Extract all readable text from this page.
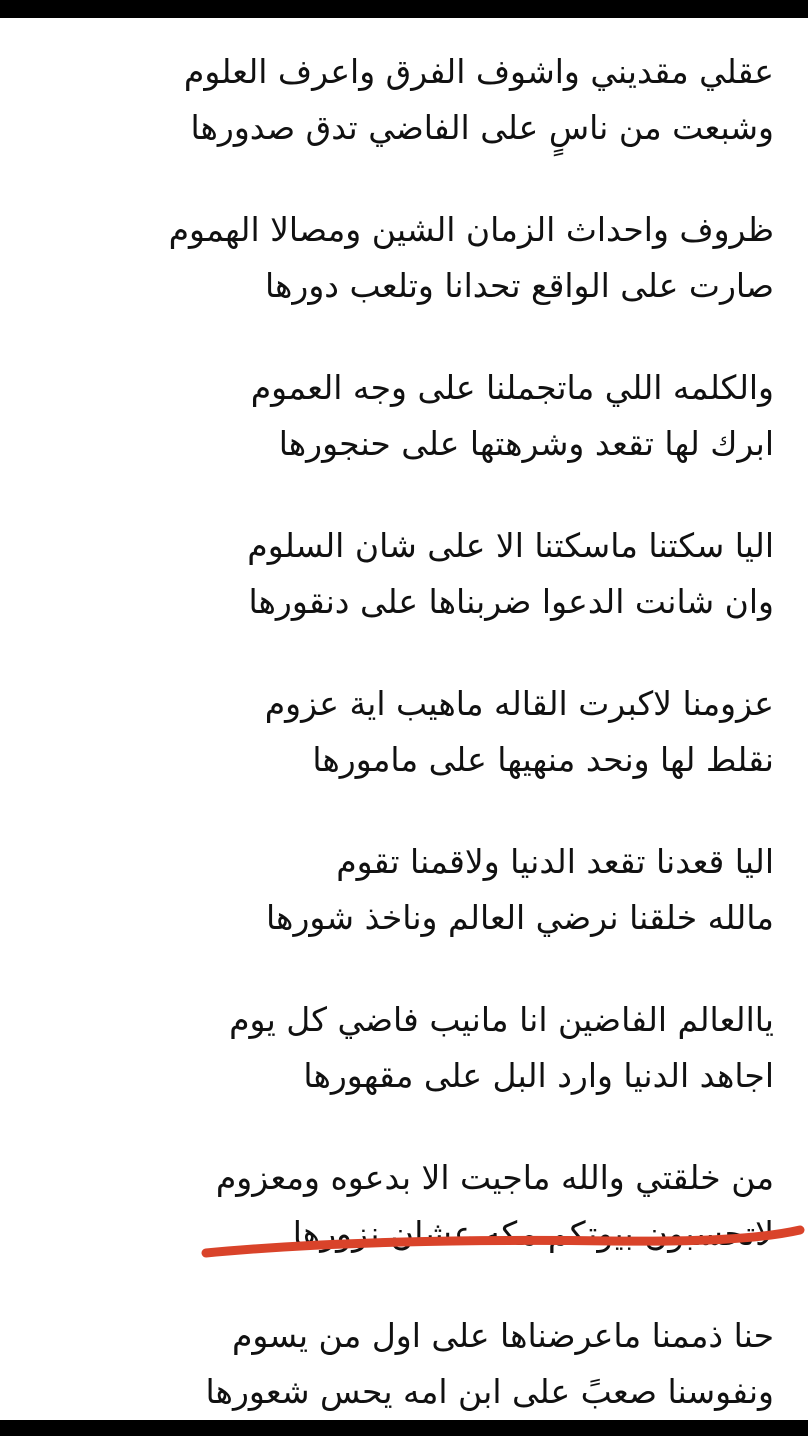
عقلي مقديني واشوف الفرق واعرف العلوم
وشبعت من ناسٍ على الفاضي تدق صدورها
ظروف واحداث الزمان الشين ومصالا الهموم
صارت على الواقع تحدانا وتلعب دورها
والكلمه اللي ماتجملنا على وجه العموم
ابرك لها تقعد وشرهتها على حنجورها
اليا سكتنا ماسكتنا الا على شان السلوم
وان شانت الدعوا ضربناها على دنقورها
عزومنا لاكبرت القاله ماهيب اية عزوم
نقلط لها ونحد منهيها على مامورها
اليا قعدنا تقعد الدنيا ولاقمنا تقوم
مالله خلقنا نرضي العالم وناخذ شورها
ياالعالم الفاضين انا مانيب فاضي كل يوم
اجاهد الدنيا وارد البل على مقهورها
من خلقتي والله ماجيت الا بدعوه ومعزوم
لاتحسبون بيوتكم مكه عشان نزورها
حنا ذممنا ماعرضناها على اول من يسوم
ونفوسنا صعبً على ابن امه يحس شعورها
